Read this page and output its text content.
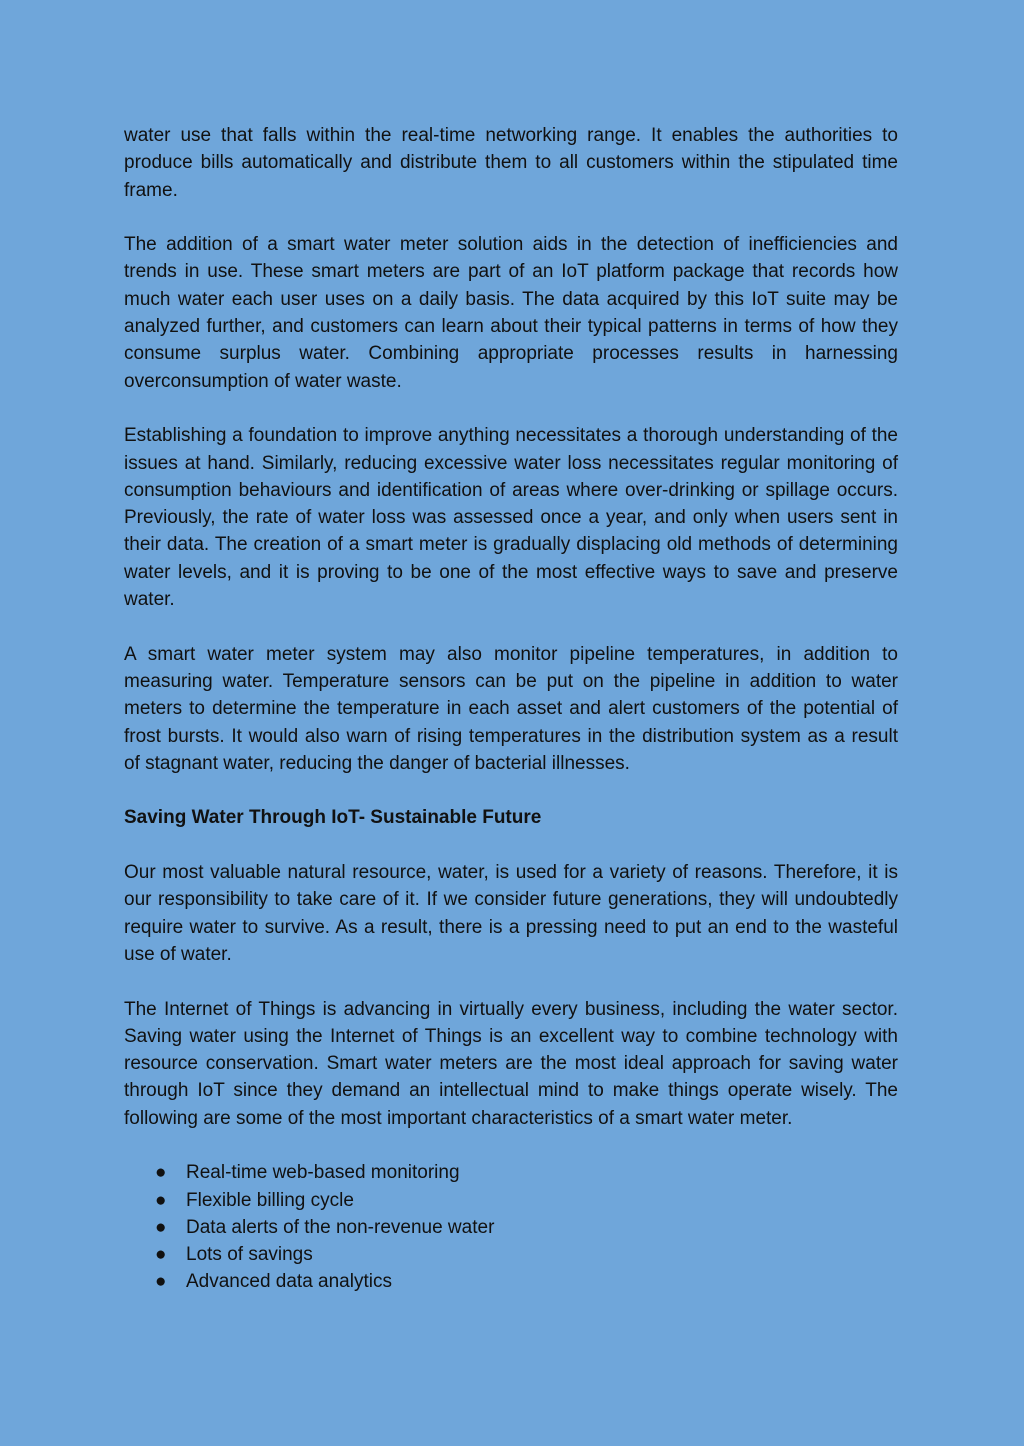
water use that falls within the real-time networking range. It enables the authorities to produce bills automatically and distribute them to all customers within the stipulated time frame.

The addition of a smart water meter solution aids in the detection of inefficiencies and trends in use. These smart meters are part of an IoT platform package that records how much water each user uses on a daily basis. The data acquired by this IoT suite may be analyzed further, and customers can learn about their typical patterns in terms of how they consume surplus water. Combining appropriate processes results in harnessing overconsumption of water waste.

Establishing a foundation to improve anything necessitates a thorough understanding of the issues at hand. Similarly, reducing excessive water loss necessitates regular monitoring of consumption behaviours and identification of areas where over-drinking or spillage occurs. Previously, the rate of water loss was assessed once a year, and only when users sent in their data. The creation of a smart meter is gradually displacing old methods of determining water levels, and it is proving to be one of the most effective ways to save and preserve water.

A smart water meter system may also monitor pipeline temperatures, in addition to measuring water. Temperature sensors can be put on the pipeline in addition to water meters to determine the temperature in each asset and alert customers of the potential of frost bursts. It would also warn of rising temperatures in the distribution system as a result of stagnant water, reducing the danger of bacterial illnesses.

Saving Water Through IoT- Sustainable Future

Our most valuable natural resource, water, is used for a variety of reasons. Therefore, it is our responsibility to take care of it. If we consider future generations, they will undoubtedly require water to survive. As a result, there is a pressing need to put an end to the wasteful use of water.

The Internet of Things is advancing in virtually every business, including the water sector. Saving water using the Internet of Things is an excellent way to combine technology with resource conservation. Smart water meters are the most ideal approach for saving water through IoT since they demand an intellectual mind to make things operate wisely. The following are some of the most important characteristics of a smart water meter.

● Real-time web-based monitoring
● Flexible billing cycle
● Data alerts of the non-revenue water
● Lots of savings
● Advanced data analytics
